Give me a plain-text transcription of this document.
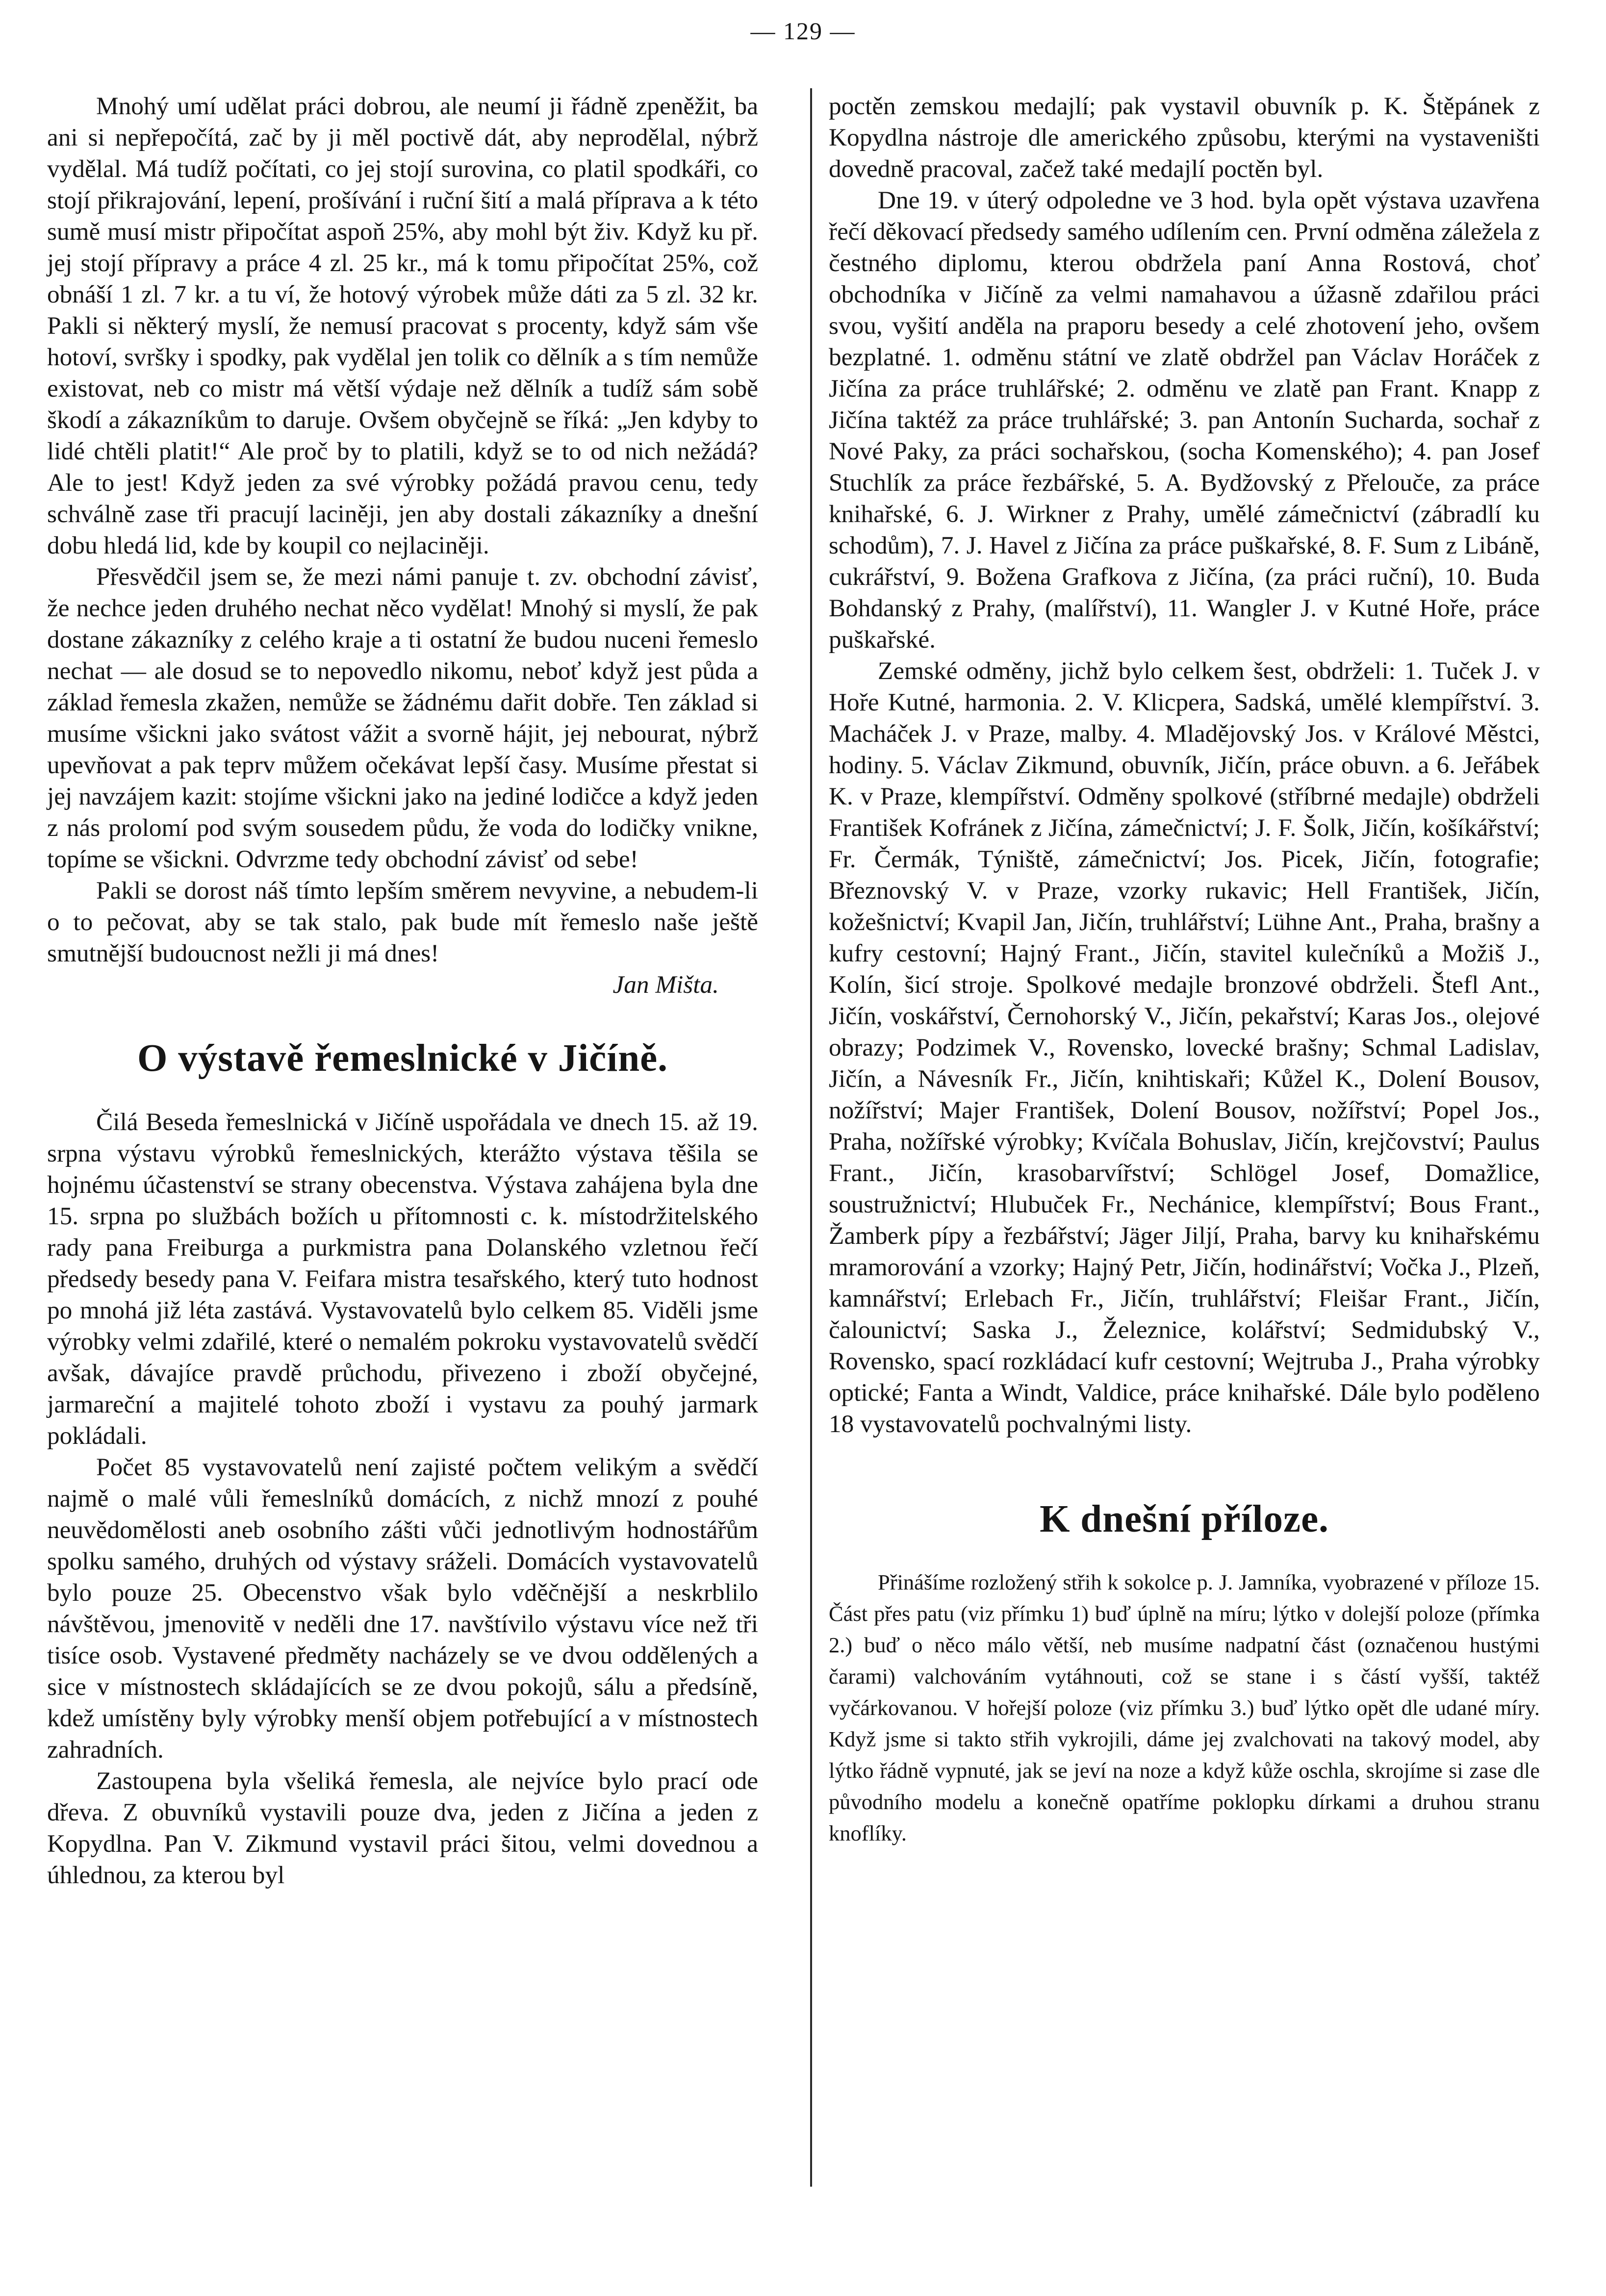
— 129 —

Mnohý umí udělat práci dobrou, ale neumí ji řádně zpeněžit, ba ani si nepřepočítá, zač by ji měl poctivě dát, aby neprodělal, nýbrž vydělal. Má tudíž počítati, co jej stojí surovina, co platil spodkáři, co stojí přikrajování, lepení, prošívání i ruční šití a malá příprava a k této sumě musí mistr připočítat aspoň 25%, aby mohl být živ. Když ku př. jej stojí přípravy a práce 4 zl. 25 kr., má k tomu připočítat 25%, což obnáší 1 zl. 7 kr. a tu ví, že hotový výrobek může dáti za 5 zl. 32 kr. Pakli si některý myslí, že nemusí pracovat s procenty, když sám vše hotoví, svršky i spodky, pak vydělal jen tolik co dělník a s tím nemůže existovat, neb co mistr má větší výdaje než dělník a tudíž sám sobě škodí a zákazníkům to daruje. Ovšem obyčejně se říká: „Jen kdyby to lidé chtěli platit!“ Ale proč by to platili, když se to od nich nežádá? Ale to jest! Když jeden za své výrobky požádá pravou cenu, tedy schválně zase tři pracují laciněji, jen aby dostali zákazníky a dnešní dobu hledá lid, kde by koupil co nejlaciněji.

Přesvědčil jsem se, že mezi námi panuje t. zv. obchodní závisť, že nechce jeden druhého nechat něco vydělat! Mnohý si myslí, že pak dostane zákazníky z celého kraje a ti ostatní že budou nuceni řemeslo nechat — ale dosud se to nepovedlo nikomu, neboť když jest půda a základ řemesla zkažen, nemůže se žádnému dařit dobře. Ten základ si musíme všickni jako svátost vážit a svorně hájit, jej nebourat, nýbrž upevňovat a pak teprv můžem očekávat lepší časy. Musíme přestat si jej navzájem kazit: stojíme všickni jako na jediné lodičce a když jeden z nás prolomí pod svým sousedem půdu, že voda do lodičky vnikne, topíme se všickni. Odvrzme tedy obchodní závisť od sebe!

Pakli se dorost náš tímto lepším směrem nevyvine, a nebudem-li o to pečovat, aby se tak stalo, pak bude mít řemeslo naše ještě smutnější budoucnost nežli ji má dnes!

Jan Mišta.

O výstavě řemeslnické v Jičíně.

Čilá Beseda řemeslnická v Jičíně uspořádala ve dnech 15. až 19. srpna výstavu výrobků řemeslnických, kterážto výstava těšila se hojnému účastenství se strany obecenstva. Výstava zahájena byla dne 15. srpna po službách božích u přítomnosti c. k. místodržitelského rady pana Freiburga a purkmistra pana Dolanského vzletnou řečí předsedy besedy pana V. Feifara mistra tesařského, který tuto hodnost po mnohá již léta zastává. Vystavovatelů bylo celkem 85. Viděli jsme výrobky velmi zdařilé, které o nemalém pokroku vystavovatelů svědčí avšak, dávajíce pravdě průchodu, přivezeno i zboží obyčejné, jarmareční a majitelé tohoto zboží i vystavu za pouhý jarmark pokládali.

Počet 85 vystavovatelů není zajisté počtem velikým a svědčí najmě o malé vůli řemeslníků domácích, z nichž mnozí z pouhé neuvědomělosti aneb osobního zášti vůči jednotlivým hodnostářům spolku samého, druhých od výstavy sráželi. Domácích vystavovatelů bylo pouze 25. Obecenstvo však bylo vděčnější a neskrblilo návštěvou, jmenovitě v neděli dne 17. navštívilo výstavu více než tři tisíce osob. Vystavené předměty nacházely se ve dvou oddělených a sice v místnostech skládajících se ze dvou pokojů, sálu a předsíně, kdež umístěny byly výrobky menší objem potřebující a v místnostech zahradních.

Zastoupena byla všeliká řemesla, ale nejvíce bylo prací ode dřeva. Z obuvníků vystavili pouze dva, jeden z Jičína a jeden z Kopydlna. Pan V. Zikmund vystavil práci šitou, velmi dovednou a úhlednou, za kterou byl

poctěn zemskou medajlí; pak vystavil obuvník p. K. Štěpánek z Kopydlna nástroje dle amerického způsobu, kterými na vystaveništi dovedně pracoval, začež také medajlí poctěn byl.

Dne 19. v úterý odpoledne ve 3 hod. byla opět výstava uzavřena řečí děkovací předsedy samého udílením cen. První odměna záležela z čestného diplomu, kterou obdržela paní Anna Rostová, choť obchodníka v Jičíně za velmi namahavou a úžasně zdařilou práci svou, vyšití anděla na praporu besedy a celé zhotovení jeho, ovšem bezplatné. 1. odměnu státní ve zlatě obdržel pan Václav Horáček z Jičína za práce truhlářské; 2. odměnu ve zlatě pan Frant. Knapp z Jičína taktéž za práce truhlářské; 3. pan Antonín Sucharda, sochař z Nové Paky, za práci sochařskou, (socha Komenského); 4. pan Josef Stuchlík za práce řezbářské, 5. A. Bydžovský z Přelouče, za práce knihařské, 6. J. Wirkner z Prahy, umělé zámečnictví (zábradlí ku schodům), 7. J. Havel z Jičína za práce puškařské, 8. F. Sum z Libáně, cukrářství, 9. Božena Grafkova z Jičína, (za práci ruční), 10. Buda Bohdanský z Prahy, (malířství), 11. Wangler J. v Kutné Hoře, práce puškařské.

Zemské odměny, jichž bylo celkem šest, obdrželi: 1. Tuček J. v Hoře Kutné, harmonia. 2. V. Klicpera, Sadská, umělé klempířství. 3. Macháček J. v Praze, malby. 4. Mladějovský Jos. v Králové Městci, hodiny. 5. Václav Zikmund, obuvník, Jičín, práce obuvn. a 6. Jeřábek K. v Praze, klempířství. Odměny spolkové (stříbrné medajle) obdrželi František Kofránek z Jičína, zámečnictví; J. F. Šolk, Jičín, košíkářství; Fr. Čermák, Týniště, zámečnictví; Jos. Picek, Jičín, fotografie; Březnovský V. v Praze, vzorky rukavic; Hell František, Jičín, kožešnictví; Kvapil Jan, Jičín, truhlářství; Lühne Ant., Praha, brašny a kufry cestovní; Hajný Frant., Jičín, stavitel kulečníků a Možiš J., Kolín, šicí stroje. Spolkové medajle bronzové obdrželi. Štefl Ant., Jičín, voskářství, Černohorský V., Jičín, pekařství; Karas Jos., olejové obrazy; Podzimek V., Rovensko, lovecké brašny; Schmal Ladislav, Jičín, a Návesník Fr., Jičín, knihtiskaři; Kůžel K., Dolení Bousov, nožířství; Majer František, Dolení Bousov, nožířství; Popel Jos., Praha, nožířské výrobky; Kvíčala Bohuslav, Jičín, krejčovství; Paulus Frant., Jičín, krasobarvířství; Schlögel Josef, Domažlice, soustružnictví; Hlubuček Fr., Nechánice, klempířství; Bous Frant., Žamberk pípy a řezbářství; Jäger Jiljí, Praha, barvy ku knihařskému mramorování a vzorky; Hajný Petr, Jičín, hodinářství; Vočka J., Plzeň, kamnářství; Erlebach Fr., Jičín, truhlářství; Fleišar Frant., Jičín, čalounictví; Saska J., Železnice, kolářství; Sedmidubský V., Rovensko, spací rozkládací kufr cestovní; Wejtruba J., Praha výrobky optické; Fanta a Windt, Valdice, práce knihařské. Dále bylo poděleno 18 vystavovatelů pochvalnými listy.

K dnešní příloze.

Přinášíme rozložený střih k sokolce p. J. Jamníka, vyobrazené v příloze 15. Část přes patu (viz přímku 1) buď úplně na míru; lýtko v dolejší poloze (přímka 2.) buď o něco málo větší, neb musíme nadpatní část (označenou hustými čarami) valchováním vytáhnouti, což se stane i s částí vyšší, taktéž vyčárkovanou. V hořejší poloze (viz přímku 3.) buď lýtko opět dle udané míry. Když jsme si takto střih vykrojili, dáme jej zvalchovati na takový model, aby lýtko řádně vypnuté, jak se jeví na noze a když kůže oschla, skrojíme si zase dle původního modelu a konečně opatříme poklopku dírkami a druhou stranu knoflíky.
